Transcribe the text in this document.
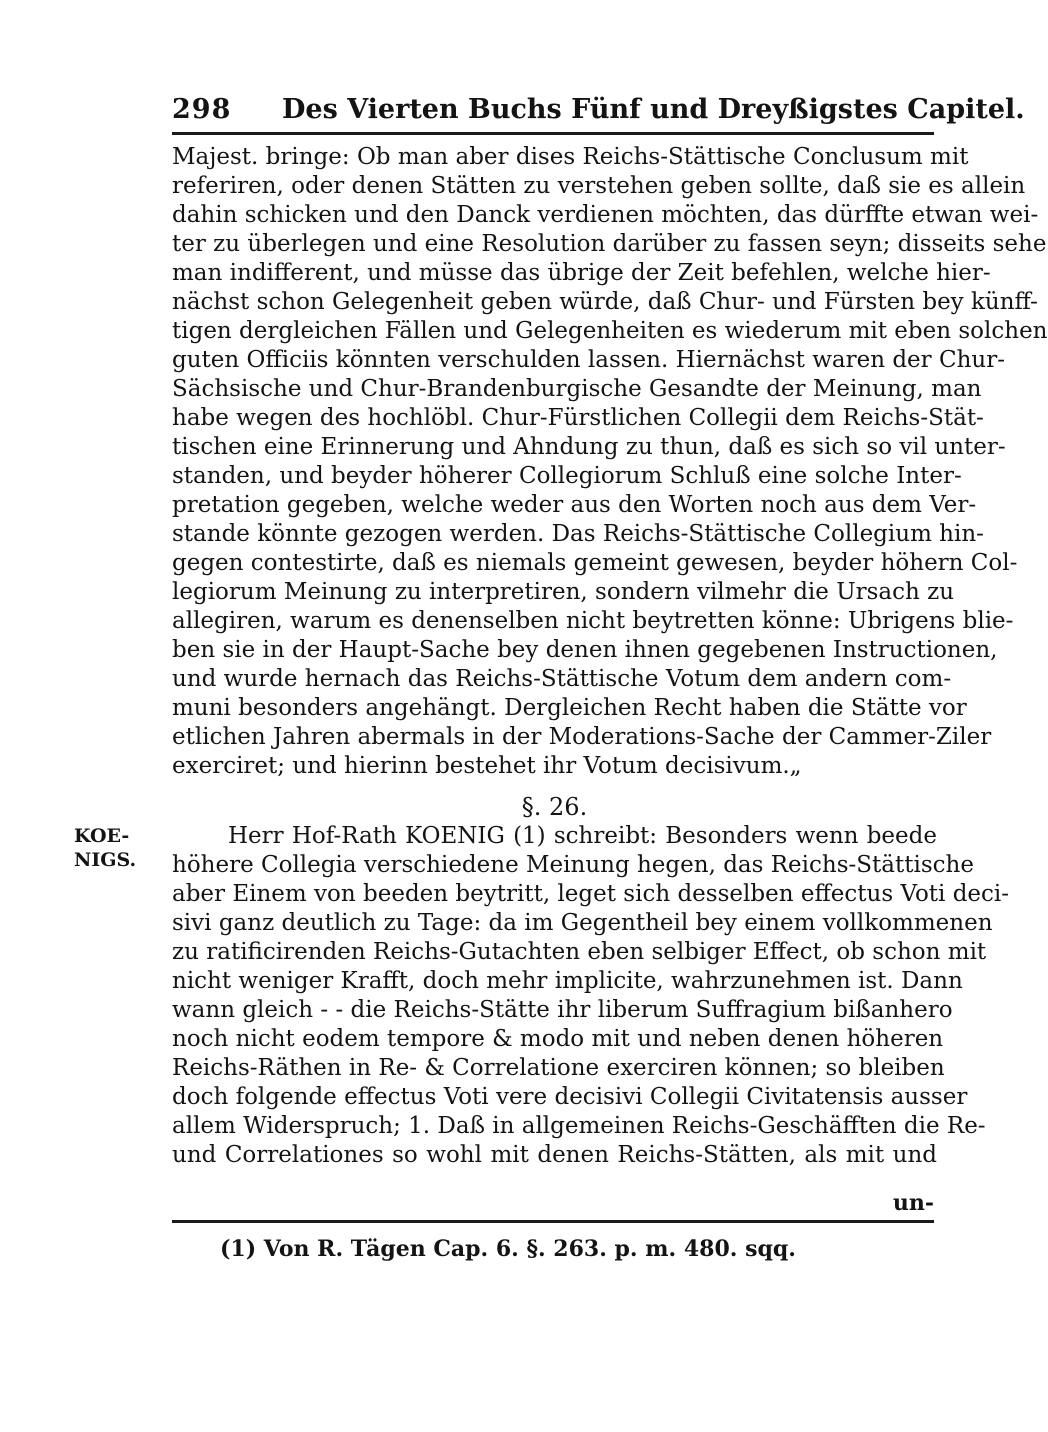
298 Des Vierten Buchs Fünf und Dreyßigstes Capitel.
Majest. bringe: Ob man aber dises Reichs-Stättische Conclusum mit
referiren, oder denen Stätten zu verstehen geben sollte, daß sie es allein
dahin schicken und den Danck verdienen möchten, das dürffte etwan wei-
ter zu überlegen und eine Resolution darüber zu fassen seyn; disseits sehe
man indifferent, und müsse das übrige der Zeit befehlen, welche hier-
nächst schon Gelegenheit geben würde, daß Chur- und Fürsten bey künff-
tigen dergleichen Fällen und Gelegenheiten es wiederum mit eben solchen
guten Officiis könnten verschulden lassen. Hiernächst waren der Chur-
Sächsische und Chur-Brandenburgische Gesandte der Meinung, man
habe wegen des hochlöbl. Chur-Fürstlichen Collegii dem Reichs-Stät-
tischen eine Erinnerung und Ahndung zu thun, daß es sich so vil unter-
standen, und beyder höherer Collegiorum Schluß eine solche Inter-
pretation gegeben, welche weder aus den Worten noch aus dem Ver-
stande könnte gezogen werden. Das Reichs-Stättische Collegium hin-
gegen contestirte, daß es niemals gemeint gewesen, beyder höhern Col-
legiorum Meinung zu interpretiren, sondern vilmehr die Ursach zu
allegiren, warum es denenselben nicht beytretten könne: Ubrigens blie-
ben sie in der Haupt-Sache bey denen ihnen gegebenen Instructionen,
und wurde hernach das Reichs-Stättische Votum dem andern com-
muni besonders angehängt. Dergleichen Recht haben die Stätte vor
etlichen Jahren abermals in der Moderations-Sache der Cammer-Ziler
exerciret; und hierinn bestehet ihr Votum decisivum.„
§. 26.
KOE-
NIGS.
Herr Hof-Rath KOENIG (1) schreibt: Besonders wenn beede
höhere Collegia verschiedene Meinung hegen, das Reichs-Stättische
aber Einem von beeden beytritt, leget sich desselben effectus Voti deci-
sivi ganz deutlich zu Tage: da im Gegentheil bey einem vollkommenen
zu ratificirenden Reichs-Gutachten eben selbiger Effect, ob schon mit
nicht weniger Krafft, doch mehr implicite, wahrzunehmen ist. Dann
wann gleich - - die Reichs-Stätte ihr liberum Suffragium bißanhero
noch nicht eodem tempore & modo mit und neben denen höheren
Reichs-Räthen in Re- & Correlatione exerciren können; so bleiben
doch folgende effectus Voti vere decisivi Collegii Civitatensis ausser
allem Widerspruch; 1. Daß in allgemeinen Reichs-Geschäfften die Re-
und Correlationes so wohl mit denen Reichs-Stätten, als mit und
un-
(1) Von R. Tägen Cap. 6. §. 263. p. m. 480. sqq.
